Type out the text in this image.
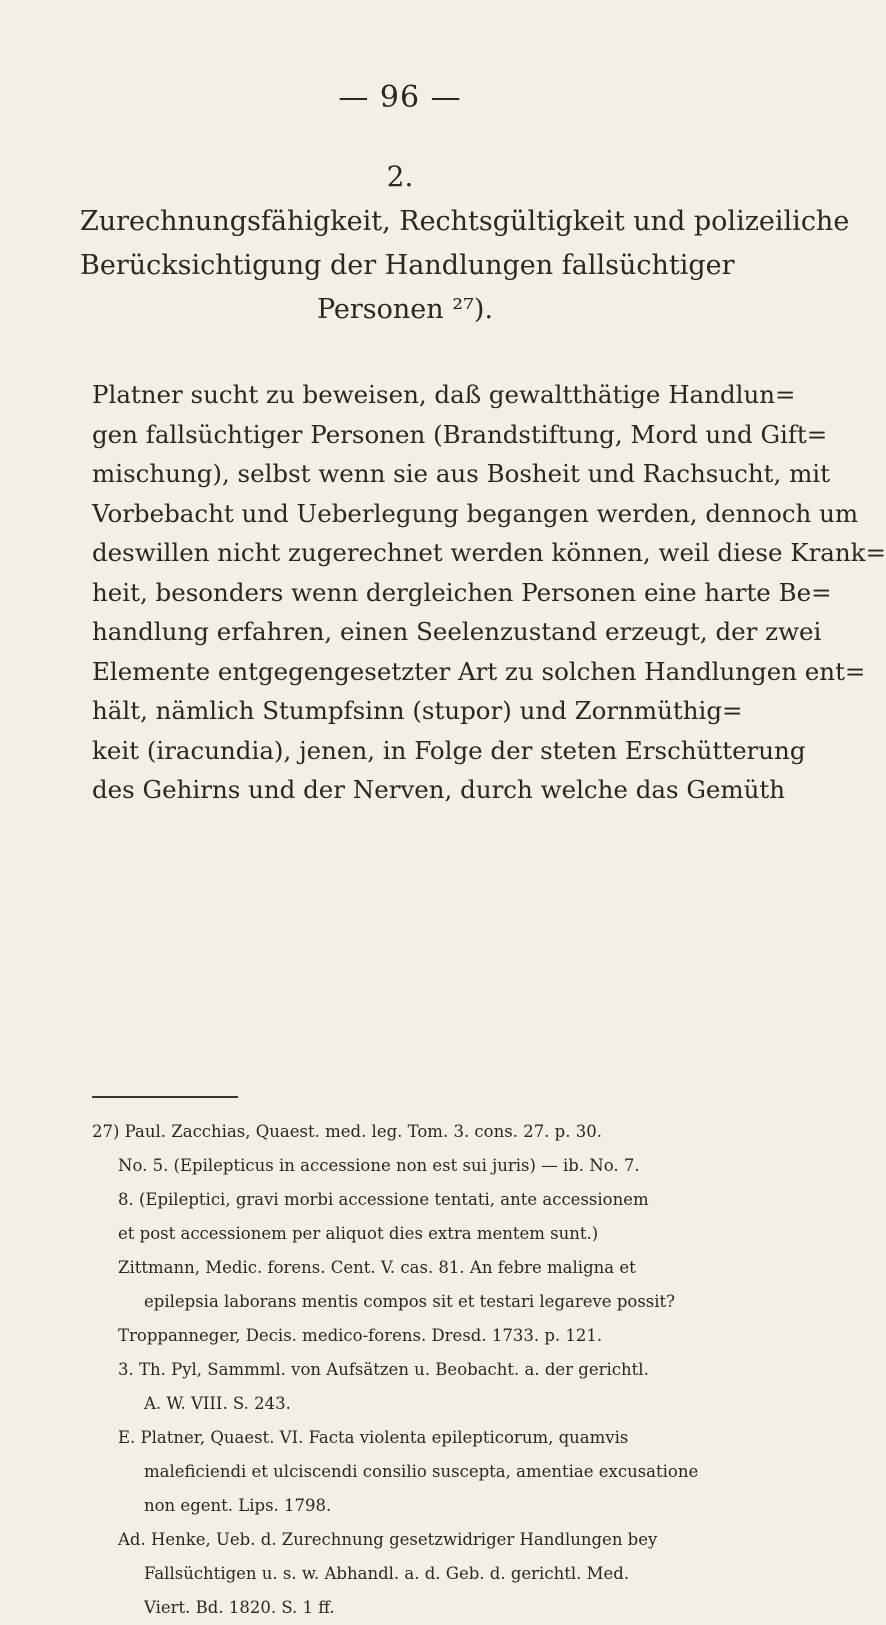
— 96 —
2.
Zurechnungsfähigkeit, Rechtsgültigkeit und polizeiliche
Berücksichtigung der Handlungen fallsüchtiger
Personen ²⁷).
Platner sucht zu beweisen, daß gewaltthätige Handlun=
gen fallsüchtiger Personen (Brandstiftung, Mord und Gift=
mischung), selbst wenn sie aus Bosheit und Rachsucht, mit
Vorbebacht und Ueberlegung begangen werden, dennoch um
deswillen nicht zugerechnet werden können, weil diese Krank=
heit, besonders wenn dergleichen Personen eine harte Be=
handlung erfahren, einen Seelenzustand erzeugt, der zwei
Elemente entgegengesetzter Art zu solchen Handlungen ent=
hält, nämlich Stumpfsinn (stupor) und Zornmüthig=
keit (iracundia), jenen, in Folge der steten Erschütterung
des Gehirns und der Nerven, durch welche das Gemüth
27) Paul. Zacchias, Quaest. med. leg. Tom. 3. cons. 27. p. 30.
No. 5. (Epilepticus in accessione non est sui juris) — ib. No. 7.
8. (Epileptici, gravi morbi accessione tentati, ante accessionem
et post accessionem per aliquot dies extra mentem sunt.)
Zittmann, Medic. forens. Cent. V. cas. 81. An febre maligna et
epilepsia laborans mentis compos sit et testari legareve possit?
Troppanneger, Decis. medico-forens. Dresd. 1733. p. 121.
3. Th. Pyl, Sammml. von Aufsätzen u. Beobacht. a. der gerichtl.
A. W. VIII. S. 243.
E. Platner, Quaest. VI. Facta violenta epilepticorum, quamvis
maleficiendi et ulciscendi consilio suscepta, amentiae excusatione
non egent. Lips. 1798.
Ad. Henke, Ueb. d. Zurechnung gesetzwidriger Handlungen bey
Fallsüchtigen u. s. w. Abhandl. a. d. Geb. d. gerichtl. Med.
Viert. Bd. 1820. S. 1 ff.
